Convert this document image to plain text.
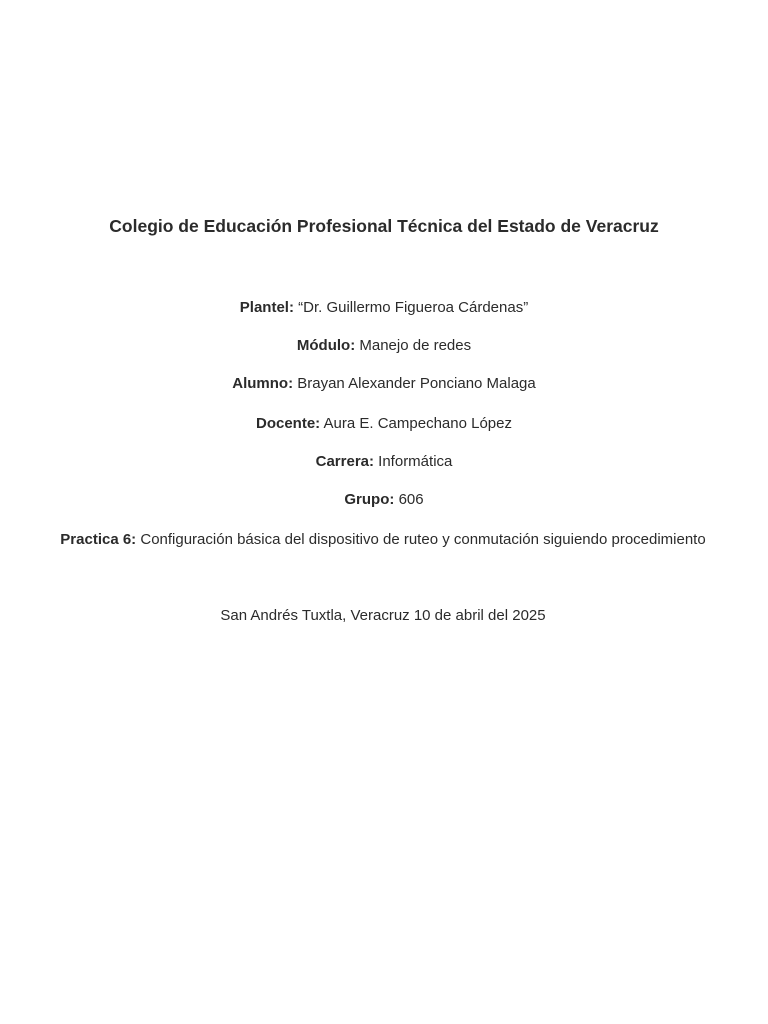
Colegio de Educación Profesional Técnica del Estado de Veracruz
Plantel: “Dr. Guillermo Figueroa Cárdenas”
Módulo: Manejo de redes
Alumno: Brayan Alexander Ponciano Malaga
Docente: Aura E. Campechano López
Carrera: Informática
Grupo: 606
Practica 6: Configuración básica del dispositivo de ruteo y conmutación siguiendo procedimiento
San Andrés Tuxtla, Veracruz 10 de abril del 2025
